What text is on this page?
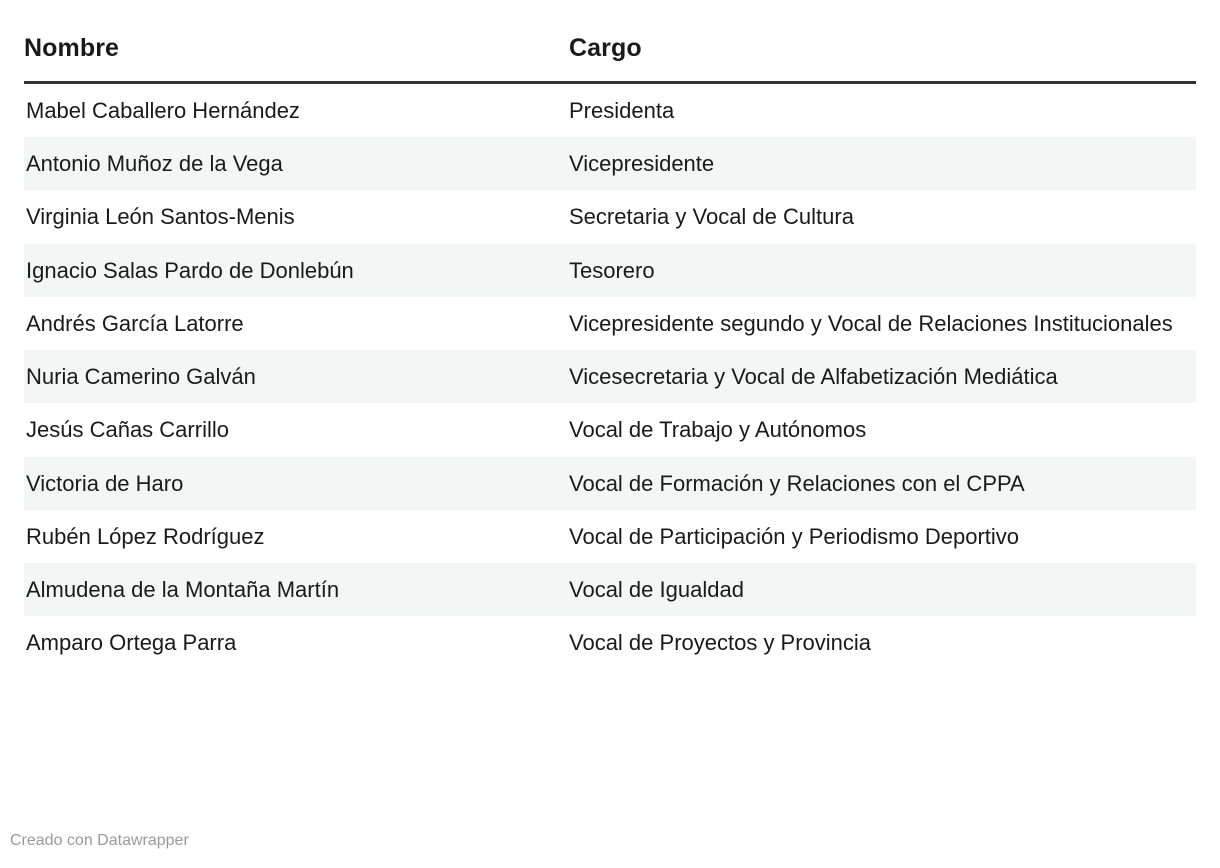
Nombre	Cargo
Mabel Caballero Hernández	Presidenta
Antonio Muñoz de la Vega	Vicepresidente
Virginia León Santos-Menis	Secretaria y Vocal de Cultura
Ignacio Salas Pardo de Donlebún	Tesorero
Andrés García Latorre	Vicepresidente segundo y Vocal de Relaciones Institucionales
Nuria Camerino Galván	Vicesecretaria y Vocal de Alfabetización Mediática
Jesús Cañas Carrillo	Vocal de Trabajo y Autónomos
Victoria de Haro	Vocal de Formación y Relaciones con el CPPA
Rubén López Rodríguez	Vocal de Participación y Periodismo Deportivo
Almudena de la Montaña Martín	Vocal de Igualdad
Amparo Ortega Parra	Vocal de Proyectos y Provincia
Creado con Datawrapper
